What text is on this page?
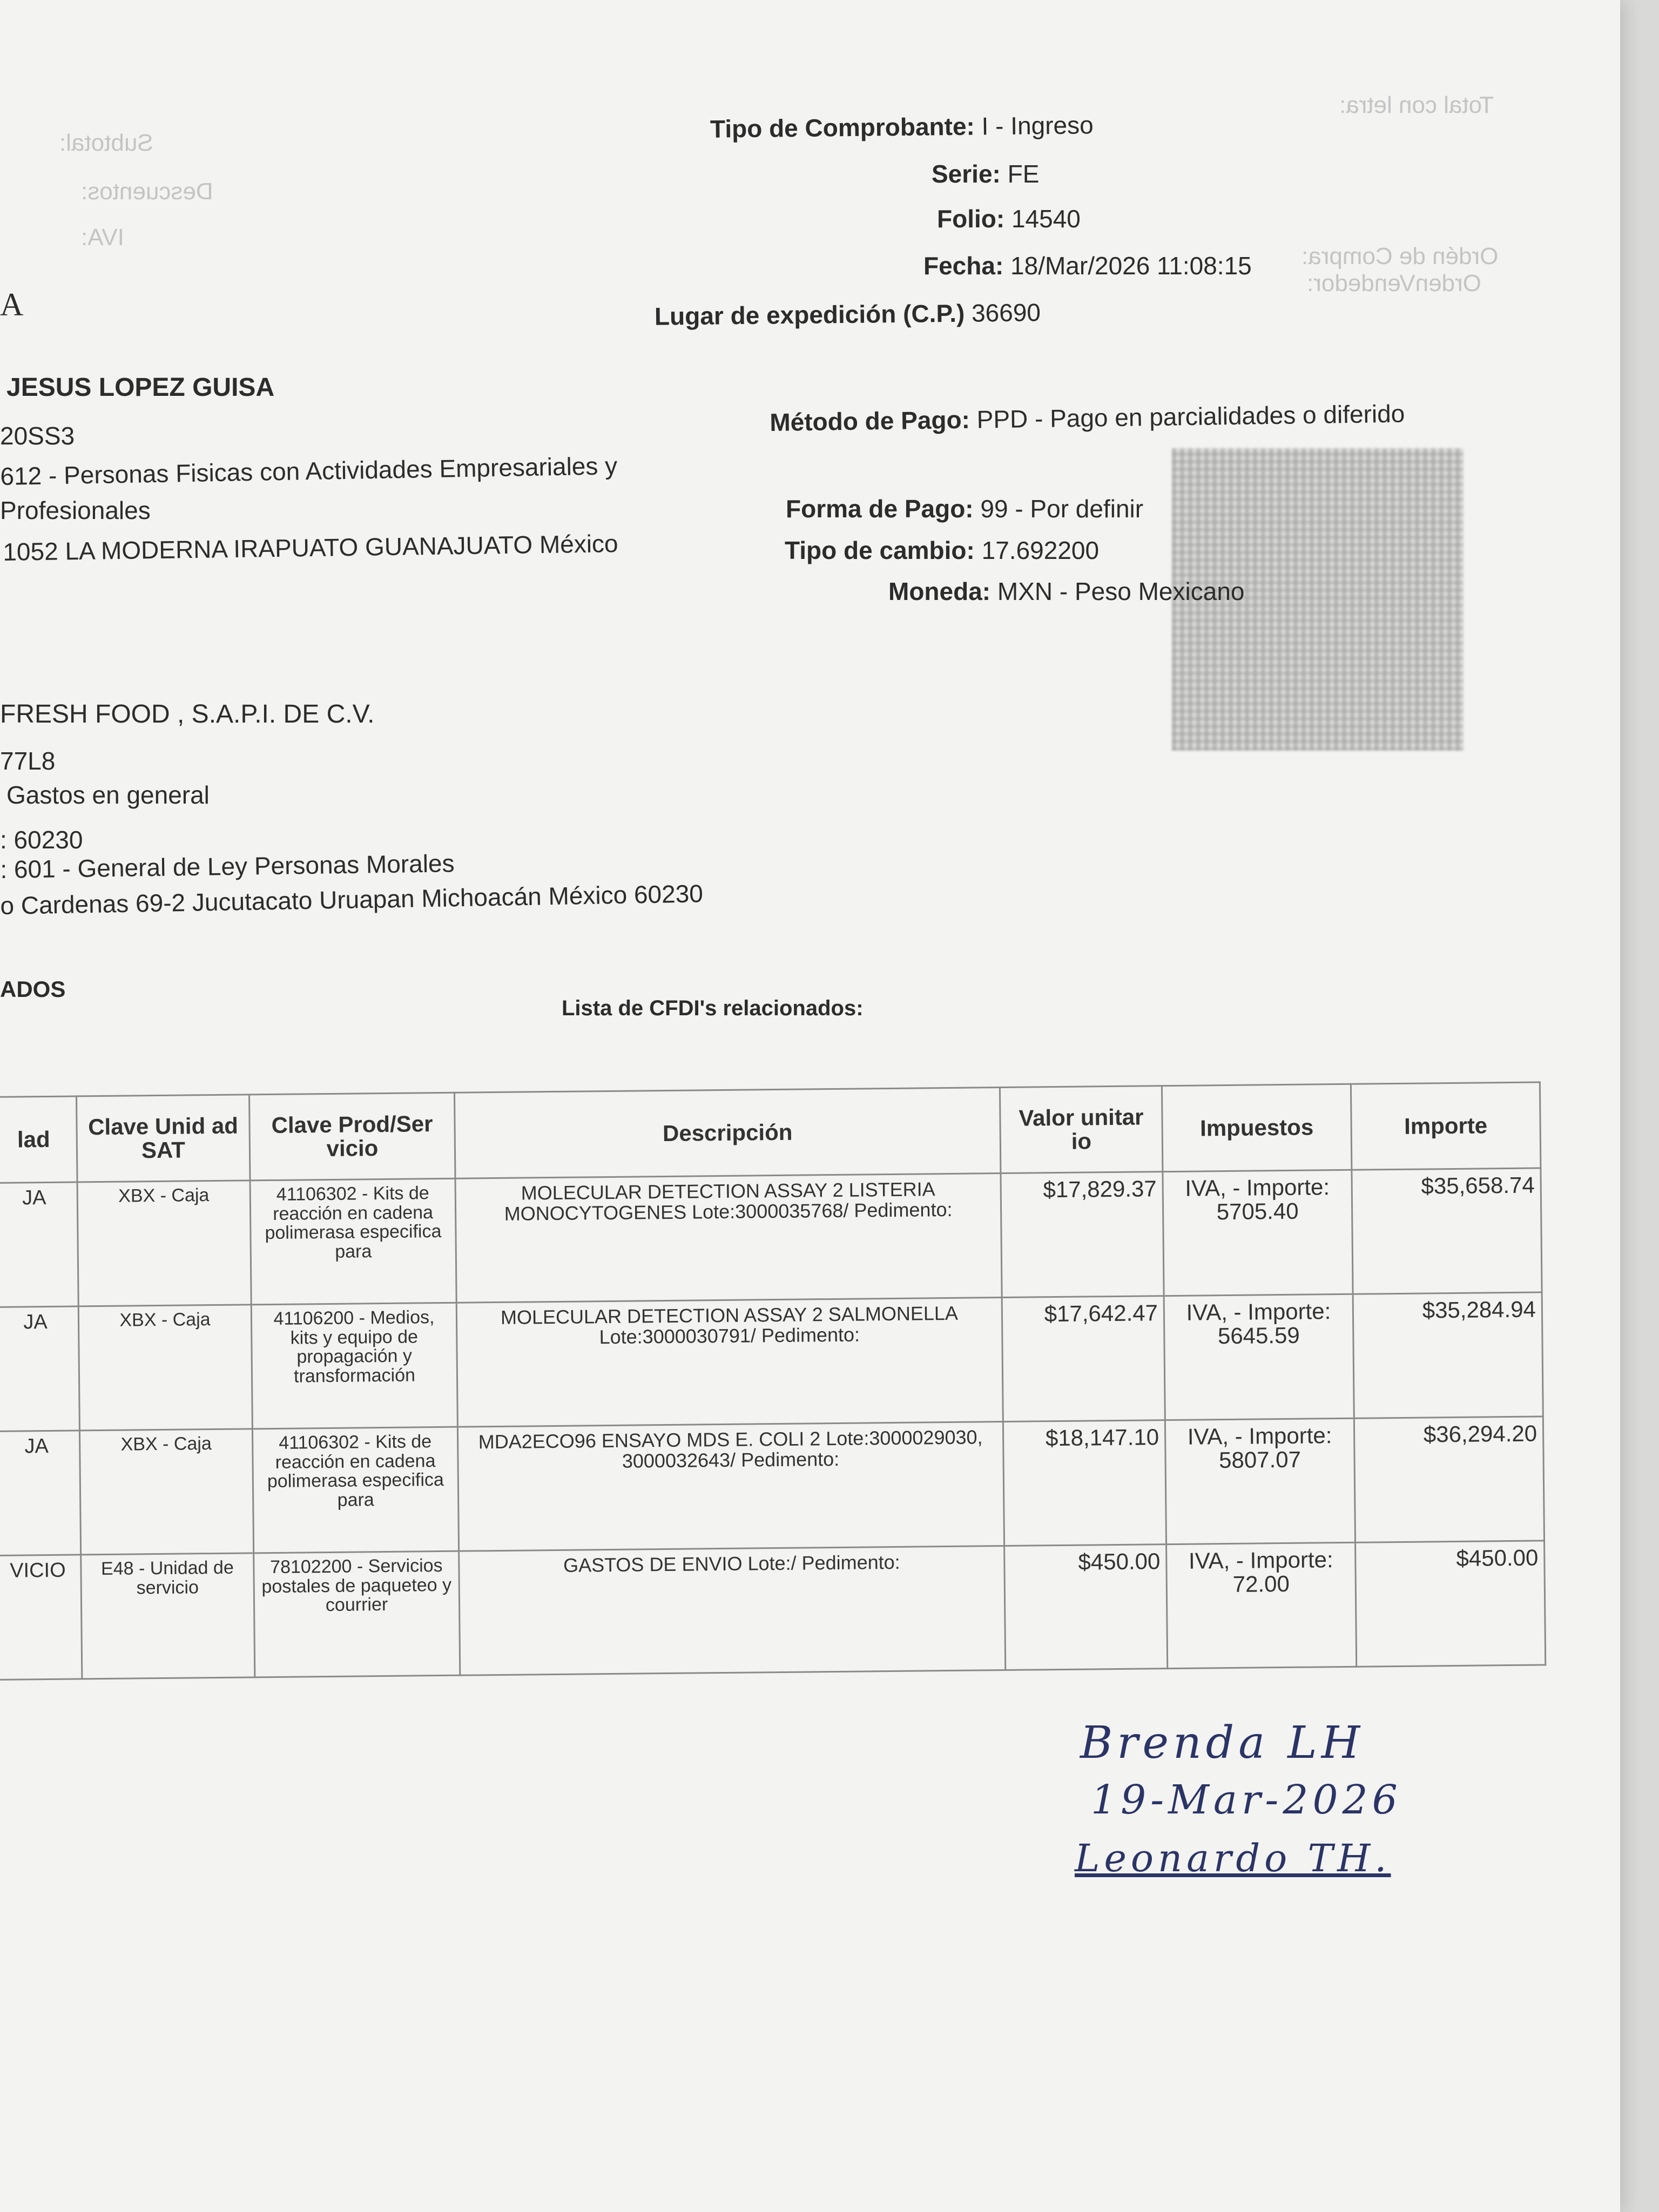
Subtotal:
Descuentos:
IVA:
Total con letra:
Ordén de Compra:
OrdenVendedor:
Tipo de Comprobante: I - Ingreso
Serie: FE
Folio: 14540
Fecha: 18/Mar/2026 11:08:15
Lugar de expedición (C.P.) 36690
A
JESUS LOPEZ GUISA
20SS3
612 - Personas Fisicas con Actividades Empresariales y
Profesionales
1052 LA MODERNA IRAPUATO GUANAJUATO México
Método de Pago: PPD - Pago en parcialidades o diferido
Forma de Pago: 99 - Por definir
Tipo de cambio: 17.692200
Moneda: MXN - Peso Mexicano
FRESH FOOD , S.A.P.I. DE C.V.
77L8
Gastos en general
: 60230
: 601 - General de Ley Personas Morales
o Cardenas 69-2 Jucutacato Uruapan Michoacán México 60230
ADOS
Lista de CFDI's relacionados:
lad	Clave Unid ad SAT	Clave Prod/Ser vicio	Descripción	Valor unitar io	Impuestos	Importe
JA	XBX - Caja	41106302 - Kits de reacción en cadena polimerasa especifica para	MOLECULAR DETECTION ASSAY 2 LISTERIA MONOCYTOGENES Lote:3000035768/ Pedimento:	$17,829.37	IVA, - Importe: 5705.40	$35,658.74
JA	XBX - Caja	41106200 - Medios, kits y equipo de propagación y transformación	MOLECULAR DETECTION ASSAY 2 SALMONELLA Lote:3000030791/ Pedimento:	$17,642.47	IVA, - Importe: 5645.59	$35,284.94
JA	XBX - Caja	41106302 - Kits de reacción en cadena polimerasa especifica para	MDA2ECO96 ENSAYO MDS E. COLI 2 Lote:3000029030, 3000032643/ Pedimento:	$18,147.10	IVA, - Importe: 5807.07	$36,294.20
VICIO	E48 - Unidad de servicio	78102200 - Servicios postales de paqueteo y courrier	GASTOS DE ENVIO Lote:/ Pedimento:	$450.00	IVA, - Importe: 72.00	$450.00
Brenda LH
19-Mar-2026
Leonardo TH.
